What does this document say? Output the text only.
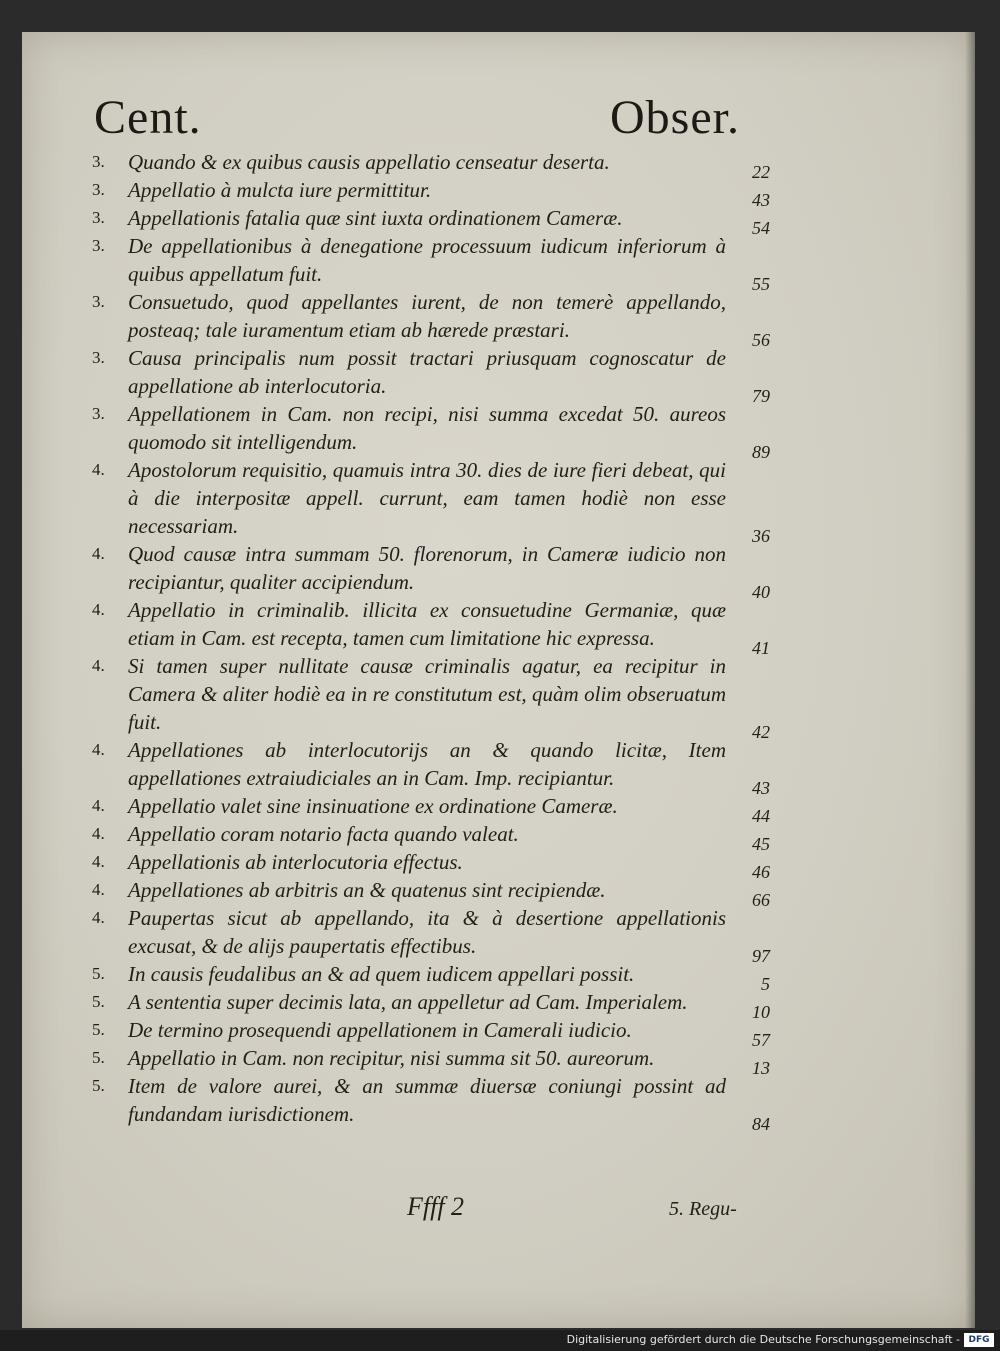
Cent.	Obser.
3.	Quando & ex quibus causis appellatio censeatur deserta.	22
3.	Appellatio à mulcta iure permittitur.	43
3.	Appellationis fatalia quæ sint iuxta ordinationem Cameræ.	54
3.	De appellationibus à denegatione processuum iudicum inferiorum à quibus appellatum fuit.	55
3.	Consuetudo, quod appellantes iurent, de non temerè appellando, posteaq; tale iuramentum etiam ab hærede præstari.	56
3.	Causa principalis num possit tractari priusquam cognoscatur de appellatione ab interlocutoria.	79
3.	Appellationem in Cam. non recipi, nisi summa excedat 50. aureos quomodo sit intelligendum.	89
4.	Apostolorum requisitio, quamuis intra 30. dies de iure fieri debeat, qui à die interpositæ appell. currunt, eam tamen hodiè non esse necessariam.	36
4.	Quod causæ intra summam 50. florenorum, in Cameræ iudicio non recipiantur, qualiter accipiendum.	40
4.	Appellatio in criminalib. illicita ex consuetudine Germaniæ, quæ etiam in Cam. est recepta, tamen cum limitatione hic expressa.	41
4.	Si tamen super nullitate causæ criminalis agatur, ea recipitur in Camera & aliter hodiè ea in re constitutum est, quàm olim obseruatum fuit.	42
4.	Appellationes ab interlocutorijs an & quando licitæ, Item appellationes extraiudiciales an in Cam. Imp. recipiantur.	43
4.	Appellatio valet sine insinuatione ex ordinatione Cameræ.	44
4.	Appellatio coram notario facta quando valeat.	45
4.	Appellationis ab interlocutoria effectus.	46
4.	Appellationes ab arbitris an & quatenus sint recipiendæ.	66
4.	Paupertas sicut ab appellando, ita & à desertione appellationis excusat, & de alijs paupertatis effectibus.	97
5.	In causis feudalibus an & ad quem iudicem appellari possit.	5
5.	A sententia super decimis lata, an appelletur ad Cam. Imperialem.	10
5.	De termino prosequendi appellationem in Camerali iudicio.	57
5.	Appellatio in Cam. non recipitur, nisi summa sit 50. aureorum.	13
5.	Item de valore aurei, & an summæ diuersæ coniungi possint ad fundandam iurisdictionem.	84
Ffff 2	5. Regu-
Digitalisierung gefördert durch die Deutsche Forschungsgemeinschaft - DFG
